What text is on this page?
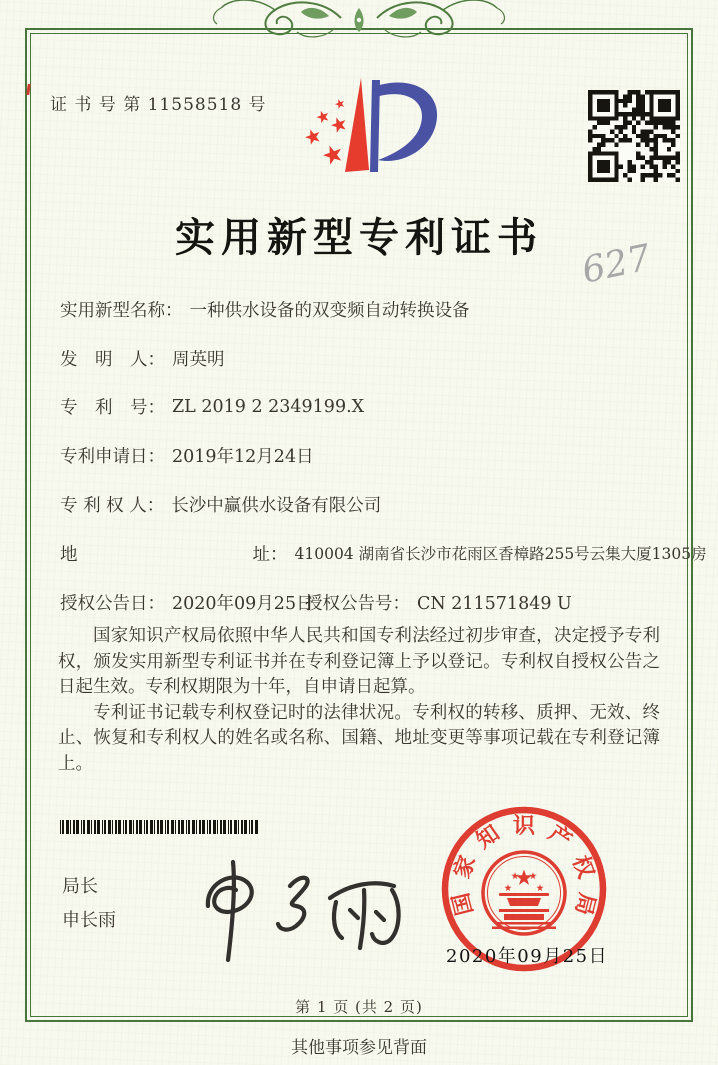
证 书 号 第 11558518 号
实用新型专利证书 627
实用新型名称： 一种供水设备的双变频自动转换设备
发　明　人： 周英明
专　利　号： ZL 2019 2 2349199.X
专利申请日： 2019年12月24日
专 利 权 人： 长沙中赢供水设备有限公司
地　　　　　　　　　　址： 410004 湖南省长沙市花雨区香樟路255号云集大厦1305房
授权公告日： 2020年09月25日
授权公告号： CN 211571849 U

国家知识产权局依照中华人民共和国专利法经过初步审查，决定授予专利权，颁发实用新型专利证书并在专利登记簿上予以登记。专利权自授权公告之日起生效。专利权期限为十年，自申请日起算。

专利证书记载专利权登记时的法律状况。专利权的转移、质押、无效、终止、恢复和专利权人的姓名或名称、国籍、地址变更等事项记载在专利登记簿上。

局长
申长雨
国
家
知 识 产
权
局
2020年09月25日
第 1 页 (共 2 页)
其他事项参见背面
